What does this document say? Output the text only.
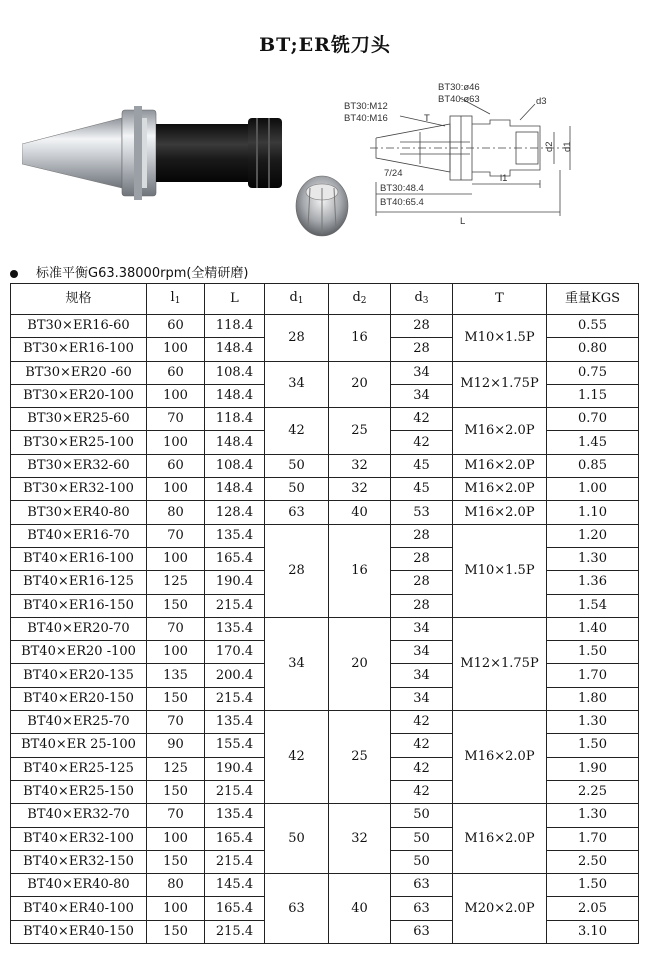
BT;ER铣刀头
BT30:ø46
BT40:ø63	d3
BT30:M12
BT40:M16	T
d2 d1
7/24
BT30:48.4
l1
BT40:65.4
L
标准平衡G63.38000rpm(全精研磨)
规格	$l_1$	L	$d_1$	$d_2$	$d_3$	T	重量KGS
BT30×ER16-60	60	118.4	28	16	28	M10×1.5P	0.55
BT30×ER16-100	100	148.4			28		0.80
BT30×ER20 -60	60	108.4	34	20	34	M12×1.75P	0.75
BT30×ER20-100	100	148.4			34		1.15
BT30×ER25-60	70	118.4	42	25	42	M16×2.0P	0.70
BT30×ER25-100	100	148.4			42		1.45
BT30×ER32-60	60	108.4	50	32	45	M16×2.0P	0.85
BT30×ER32-100	100	148.4	50	32	45	M16×2.0P	1.00
BT30×ER40-80	80	128.4	63	40	53	M16×2.0P	1.10
BT40×ER16-70	70	135.4	28	16	28	M10×1.5P	1.20
BT40×ER16-100	100	165.4			28		1.30
BT40×ER16-125	125	190.4			28		1.36
BT40×ER16-150	150	215.4			28		1.54
BT40×ER20-70	70	135.4	34	20	34	M12×1.75P	1.40
BT40×ER20 -100	100	170.4			34		1.50
BT40×ER20-135	135	200.4			34		1.70
BT40×ER20-150	150	215.4			34		1.80
BT40×ER25-70	70	135.4	42	25	42	M16×2.0P	1.30
BT40×ER 25-100	90	155.4			42		1.50
BT40×ER25-125	125	190.4			42		1.90
BT40×ER25-150	150	215.4			42		2.25
BT40×ER32-70	70	135.4	50	32	50	M16×2.0P	1.30
BT40×ER32-100	100	165.4			50		1.70
BT40×ER32-150	150	215.4			50		2.50
BT40×ER40-80	80	145.4	63	40	63	M20×2.0P	1.50
BT40×ER40-100	100	165.4			63		2.05
BT40×ER40-150	150	215.4			63		3.10
